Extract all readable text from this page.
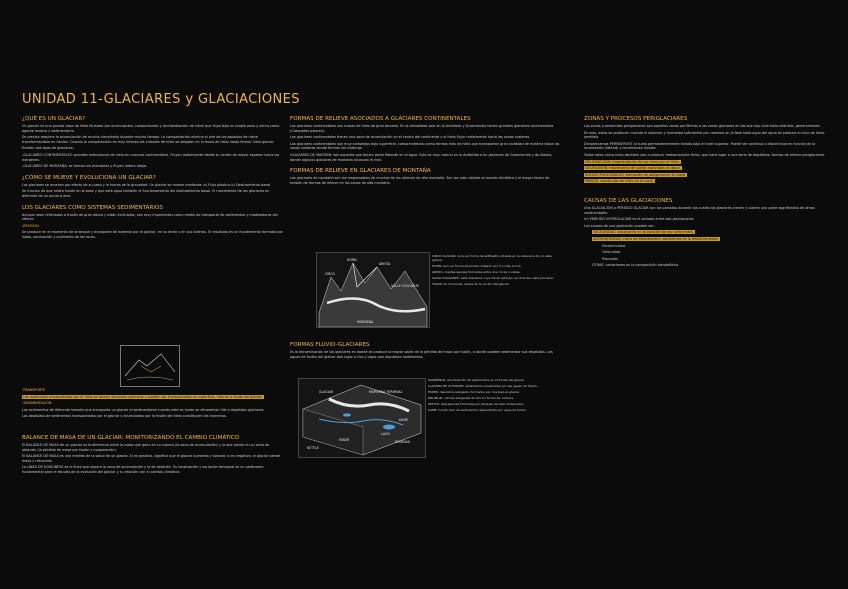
UNIDAD 11-GLACIARES y GLACIACIONES
¿QUÉ ES UN GLACIAR?
Un glaciar es una gruesa capa de hielo formada por acumulación, compactación y recristalización de nieve que fluye bajo su propio peso y actúa como agente erosivo y sedimentario.
Se precisa requiere la acumulación de mucha nieve/hielo durante mucho tiempo. La compactación elimina el aire de los espacios de nieve transformándola en neviza. Cuando la compactación es muy intensa los cristales de hielo se adaptan en la masa de hielo hasta formar hielo glaciar.
Existen dos tipos de glaciares:
-GLACIARES CONTINENTALES: grandes extensiones de hielo en cuencas continentales. Fluyen radialmente desde su centro de mayor espesor hacia los márgenes.
-GLACIARES DE MONTAÑA: se forman en montañas y fluyen ladera abajo.
¿CÓMO SE MUEVE Y EVOLUCIONA UN GLACIAR?
Los glaciares se mueven por efecto de su peso y la fuerza de la gravedad. Un glaciar se mueve mediante: a) Flujo plástico b) Deslizamiento basal
Se funcion de que exista fusión en la base y que está agua también el funcionamiento del deslizamiento basal. El movimiento de los glaciares es diferente de un punto a otro.
LOS GLACIARES COMO SISTEMAS SEDIMENTARIOS
Aunque sean rellenados a través de gran altura y están inclinados, son muy importantes como medio de transporte de sedimentos y modeladores del relieve.
-EROSIÓN
Se produce en el momento de arranque y transporte de material por el glaciar, en su lecho y en sus laderas. El resultado es un hundimiento formado por lijado, excavación y pulimento de las rocas.
-TRANSPORTE
Los materiales transportados por el hielo se llaman derrubios glaciares y pueden ser transportados en superficie, interior o fondo del glaciar.
-SEDIMENTACIÓN
Los sedimentos de diferente tamaño que transporta un glaciar al sedimentarse cuando este se funde se denominan tills o depósitos glaciares.
Los depósitos de sedimentos transportados por el glaciar y acumulados por la fusión del hielo constituyen las morrenas.
BALANCE DE MASA DE UN GLACIAR: MONITORIZANDO EL CAMBIO CLIMÁTICO
El BALANCE DE MASA de un glaciar es la diferencia entre la masa que gana en su cuenca (la zona de acumulación) y la que pierde en su zona de ablación (la pérdida de masa por fusión y evaporación).
El BALANCE DE MASA es una medida de la salud de un glaciar. Si es positivo, significa que el glaciar aumenta y avanza; si es negativo, el glaciar pierde masa y retrocede.
La LÍNEA DE EQUILIBRIO es la línea que separa la zona de acumulación y la de ablación. Su localización y variación temporal es un parámetro fundamental para el estudio de la evolución del glaciar y su relación con el cambio climático.
FORMAS DE RELIEVE ASOCIADOS A GLACIARES CONTINENTALES
Los glaciares continentales son masas de hielo de gran tamaño. En la actualidad solo en la Antártida y Groenlandia tienen grandes glaciares continentales (Casquetes polares).
Los glaciares continentales tienen una zona de acumulación en el centro del continente y el hielo fluye radialmente hacia las zonas costeras.
Los glaciares continentales son muy complejos bajo superficie, comprendiendo como formas más de hielo que transportan gran cantidad de materia hacia las zonas costeras donde forman los icebergs.
GLACIARES DE MARGEN: son aquellos que tienen parte flotante en el agua. Esto es muy común en la Antártida o en glaciares de Groenlandia y de Alaska, donde algunos glaciares de montaña alcanzan el mar.
FORMAS DE RELIEVE EN GLACIARES DE MONTAÑA
Los glaciares de montaña son los responsables de muchos de los relieves de alta montaña. Son los más visibles al mundo climático y el mayor factor de erosión de formas de relieve en las zonas de alta montaña.
HORN
CIRCO
ARISTA
VALLE COLGANTE
MORRENA
CIRCO GLACIAR: zona en forma de anfiteatro situada en la cabecera de un valle glaciar.
HORN: pico en forma piramidal rodeado por 3 o más circos.
ARISTA: crestas agudas formadas entre dos circos o valles.
VALLE COLGANTE: valle tributario cuyo fondo está por encima del valle principal.
TRAZO de morrenas: restos de la acción del glaciar.
FORMAS FLUVIO-GLACIARES
Es la denominación de los glaciares en donde se produce la mayor parte de la pérdida de masa por fusión, a donde pueden sedimentar sus depósitos. Las aguas de fusión del glaciar dan lugar a ríos y lagos que depositan sedimentos.
GLACIAR	MORRENA TERMINAL
KETTLE
ESKER	DRUMLIN
KAME
LAGO
MORRENAS: acumulación de sedimentos en el frente del glaciar.
LLANURA DE OUTWASH: sedimentos arrastrados por las aguas de fusión.
ESKER: depósitos alargados formados por ríos bajo el glaciar.
DRUMLIN: colinas alargadas de till con forma de cuchara.
KETTLE: depresiones formadas por bloques de hielo enterrados.
KAME: montículos de sedimentos depositados por agua de fusión.
ZONAS Y PROCESOS PERIGLACIARES
Las zonas o ambientes periglaciares son aquellas zonas periféricas a las zonas glaciares en las que hay ciclo hielo-deshielo, generalmente.
Es más, estas se producen cuando el volumen y humedad suficientes por cambios en la fase hielo-agua del agua se produce el ciclo de hielo-deshielo.
Denominamos PERMAFROST al suelo permanentemente helado bajo el nivel superior. Puede ser continuo o discontinuo en función de la localización (latitud) y condiciones locales.
Todos estos ciclos hielo-deshielo van a producir meteorización física, que hará lugar a una serie de depósitos: formas de relieve periglaciares.
GELIFRACCIÓN: fragmentación de las rocas por el hielo.
GELIFLUXIÓN: movimiento de suelos saturados en agua.
SUELOS POLIGONALES: formación de polígonos en el suelo.
PINGOS: montículos de hielo en el suelo.
CAUSAS DE LAS GLACIACIONES
Una GLACIACIÓN o PERIODO GLACIAR son los periodos durante los cuales los glaciares crecen y cubren una parte significativa de áreas continentales.
Un PERIODO INTERGLACIAR es el periodo entre dos glaciaciones.
Las causas de una glaciación pueden ser:
TECTÓNICAS: variaciones en la posición de los continentes.
ASTRONÓMICAS: ciclos de Milankovitch: variaciones en la órbita terrestre.
Excentricidad
Oblicuidad
Precesión
OTRAS: variaciones en la composición atmosférica.
